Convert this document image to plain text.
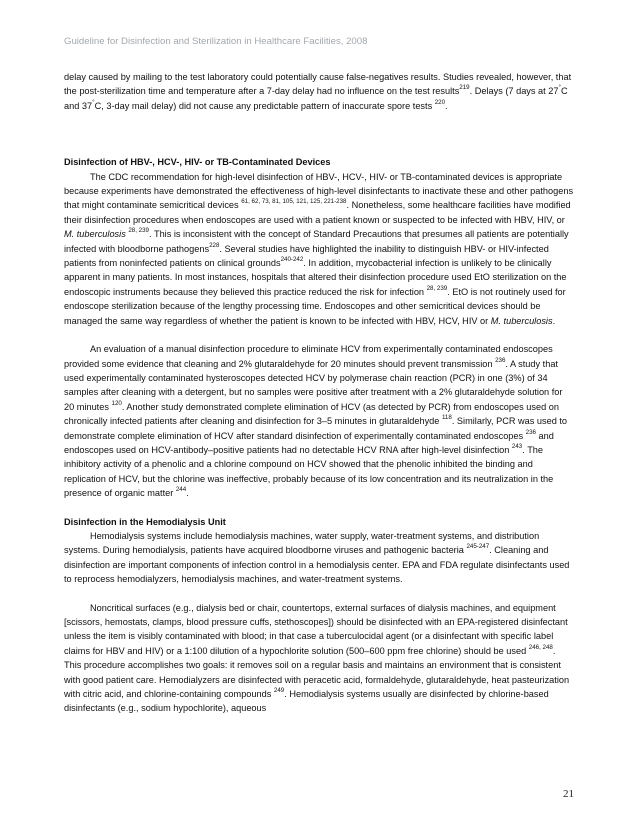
Guideline for Disinfection and Sterilization in Healthcare Facilities, 2008

delay caused by mailing to the test laboratory could potentially cause false-negatives results. Studies revealed, however, that the post-sterilization time and temperature after a 7-day delay had no influence on the test results$^{219}$. Delays (7 days at 27°C and 37°C, 3-day mail delay) did not cause any predictable pattern of inaccurate spore tests $^{220}$.

Disinfection of HBV-, HCV-, HIV- or TB-Contaminated Devices

The CDC recommendation for high-level disinfection of HBV-, HCV-, HIV- or TB-contaminated devices is appropriate because experiments have demonstrated the effectiveness of high-level disinfectants to inactivate these and other pathogens that might contaminate semicritical devices $^{61, 62, 73, 81, 105, 121, 125, 221-238}$. Nonetheless, some healthcare facilities have modified their disinfection procedures when endoscopes are used with a patient known or suspected to be infected with HBV, HIV, or M. tuberculosis $^{28, 239}$. This is inconsistent with the concept of Standard Precautions that presumes all patients are potentially infected with bloodborne pathogens$^{228}$. Several studies have highlighted the inability to distinguish HBV- or HIV-infected patients from noninfected patients on clinical grounds$^{240-242}$. In addition, mycobacterial infection is unlikely to be clinically apparent in many patients. In most instances, hospitals that altered their disinfection procedure used EtO sterilization on the endoscopic instruments because they believed this practice reduced the risk for infection $^{28, 239}$. EtO is not routinely used for endoscope sterilization because of the lengthy processing time. Endoscopes and other semicritical devices should be managed the same way regardless of whether the patient is known to be infected with HBV, HCV, HIV or M. tuberculosis.

An evaluation of a manual disinfection procedure to eliminate HCV from experimentally contaminated endoscopes provided some evidence that cleaning and 2% glutaraldehyde for 20 minutes should prevent transmission $^{236}$. A study that used experimentally contaminated hysteroscopes detected HCV by polymerase chain reaction (PCR) in one (3%) of 34 samples after cleaning with a detergent, but no samples were positive after treatment with a 2% glutaraldehyde solution for 20 minutes $^{120}$. Another study demonstrated complete elimination of HCV (as detected by PCR) from endoscopes used on chronically infected patients after cleaning and disinfection for 3–5 minutes in glutaraldehyde $^{118}$. Similarly, PCR was used to demonstrate complete elimination of HCV after standard disinfection of experimentally contaminated endoscopes $^{236}$ and endoscopes used on HCV-antibody–positive patients had no detectable HCV RNA after high-level disinfection $^{243}$. The inhibitory activity of a phenolic and a chlorine compound on HCV showed that the phenolic inhibited the binding and replication of HCV, but the chlorine was ineffective, probably because of its low concentration and its neutralization in the presence of organic matter $^{244}$.

Disinfection in the Hemodialysis Unit

Hemodialysis systems include hemodialysis machines, water supply, water-treatment systems, and distribution systems. During hemodialysis, patients have acquired bloodborne viruses and pathogenic bacteria $^{245-247}$. Cleaning and disinfection are important components of infection control in a hemodialysis center. EPA and FDA regulate disinfectants used to reprocess hemodialyzers, hemodialysis machines, and water-treatment systems.

Noncritical surfaces (e.g., dialysis bed or chair, countertops, external surfaces of dialysis machines, and equipment [scissors, hemostats, clamps, blood pressure cuffs, stethoscopes]) should be disinfected with an EPA-registered disinfectant unless the item is visibly contaminated with blood; in that case a tuberculocidal agent (or a disinfectant with specific label claims for HBV and HIV) or a 1:100 dilution of a hypochlorite solution (500–600 ppm free chlorine) should be used $^{246, 248}$. This procedure accomplishes two goals: it removes soil on a regular basis and maintains an environment that is consistent with good patient care. Hemodialyzers are disinfected with peracetic acid, formaldehyde, glutaraldehyde, heat pasteurization with citric acid, and chlorine-containing compounds $^{249}$. Hemodialysis systems usually are disinfected by chlorine-based disinfectants (e.g., sodium hypochlorite), aqueous

21
